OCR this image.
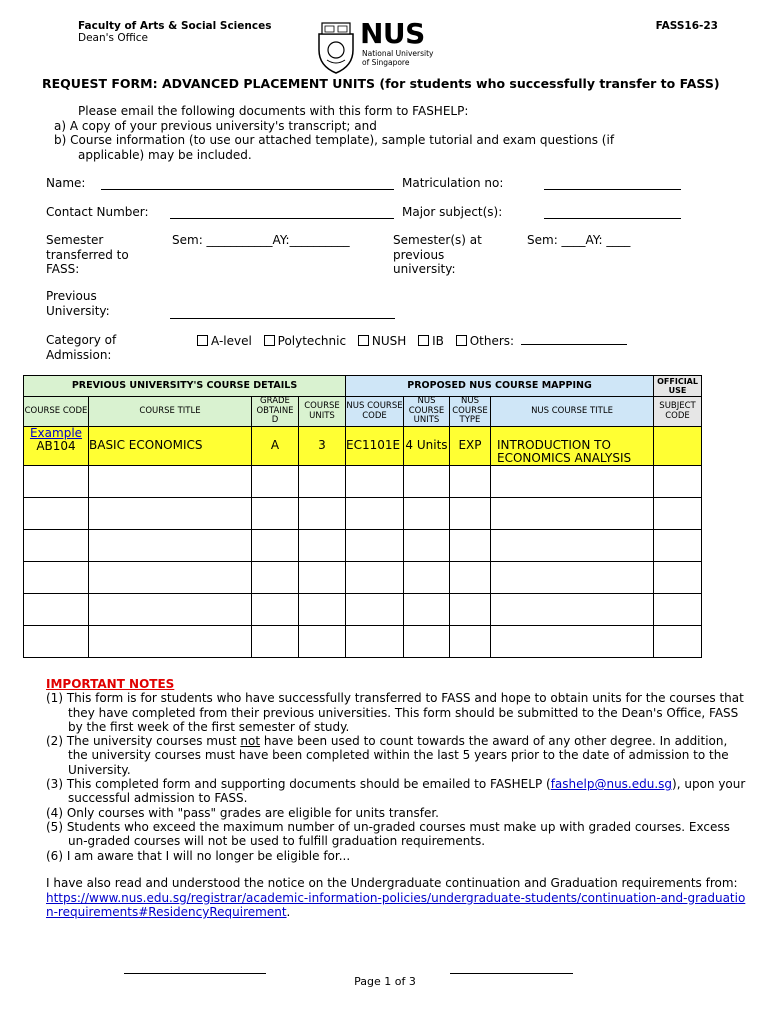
Faculty of Arts & Social Sciences
Dean's Office	NUS
National University
of Singapore
FASS16-23
REQUEST FORM: ADVANCED PLACEMENT UNITS (for students who successfully transfer to FASS)
Please email the following documents with this form to FASHELP:
a) A copy of your previous university's transcript; and
b) Course information (to use our attached template), sample tutorial and exam questions (if
applicable) may be included.
Name:	Matriculation no:
Contact Number:	Major subject(s):
Semester transferred to FASS:
Sem: ___________AY:__________	Semester(s) at previous university:
Sem: ____AY: ____
Previous University:
Category of Admission:
A-level Polytechnic NUSH IB Others:
PREVIOUS UNIVERSITY'S COURSE DETAILS				PROPOSED NUS COURSE MAPPING				OFFICIAL USE
COURSE CODE	COURSE TITLE	GRADE OBTAINE D	COURSE UNITS	NUS COURSE CODE	NUS COURSE UNITS	NUS COURSE TYPE	NUS COURSE TITLE	SUBJECT CODE

Example
AB104	BASIC ECONOMICS	A	3	EC1101E	4 Units	EXP	INTRODUCTION TO ECONOMICS ANALYSIS	

IMPORTANT NOTES
(1) This form is for students who have successfully transferred to FASS and hope to obtain units for the courses that they have completed from their previous universities. This form should be submitted to the Dean's Office, FASS by the first week of the first semester of study.
(2) The university courses must not have been used to count towards the award of any other degree. In addition, the university courses must have been completed within the last 5 years prior to the date of admission to the University.
(3) This completed form and supporting documents should be emailed to FASHELP (fashelp@nus.edu.sg), upon your successful admission to FASS.
(4) Only courses with "pass" grades are eligible for units transfer.
(5) Students who exceed the maximum number of un-graded courses must make up with graded courses. Excess un-graded courses will not be used to fulfill graduation requirements.
(6) I am aware that I will no longer be eligible for...
I have also read and understood the notice on the Undergraduate continuation and Graduation requirements from: https://www.nus.edu.sg/registrar/academic-information-policies/undergraduate-students/continuation-and-graduation-requirements#ResidencyRequirement.
Page 1 of 3
